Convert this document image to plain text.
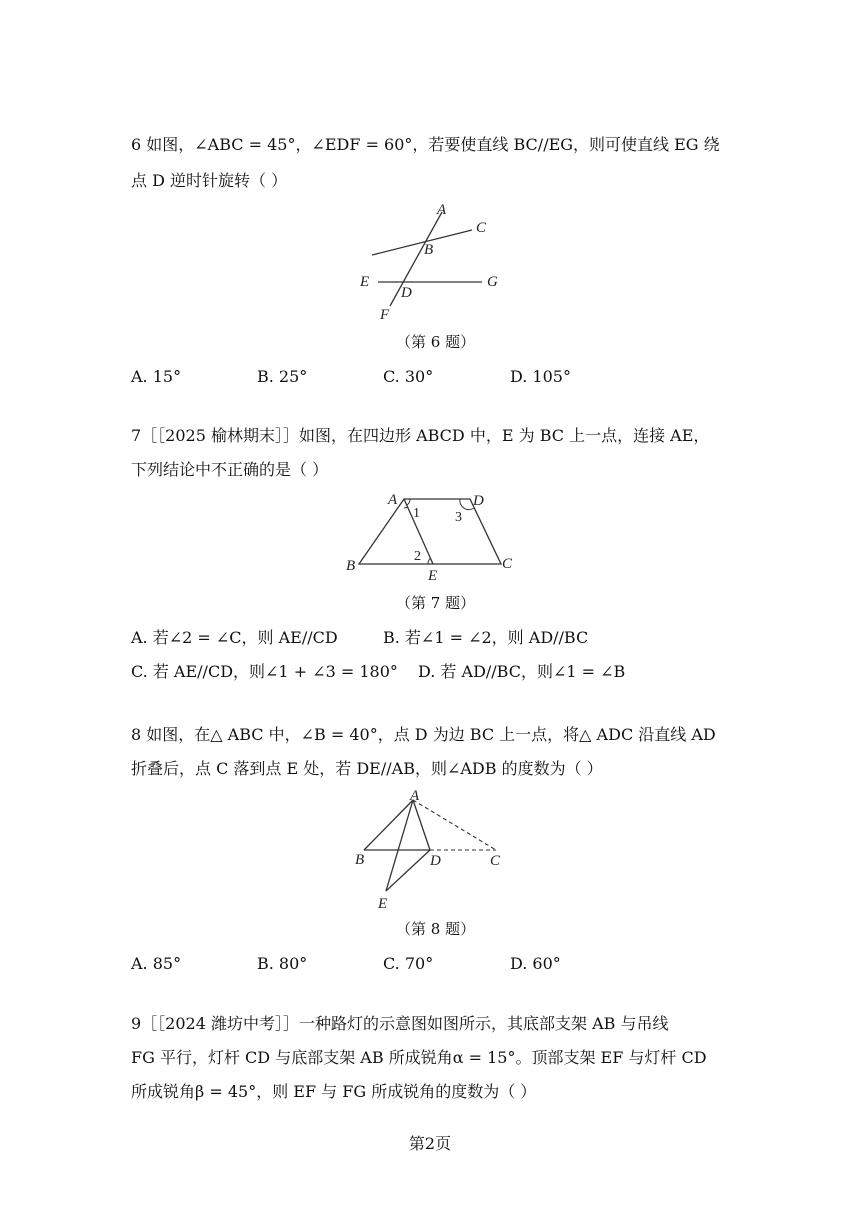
6 如图，∠ABC = 45°，∠EDF = 60°，若要使直线 BC//EG，则可使直线 EG 绕
点 D 逆时针旋转（ ）
A
C
B
E	G
D
F
（第 6 题）
A. 15°	B. 25°	C. 30°	D. 105°
7［［2025 榆林期末］］如图，在四边形 ABCD 中，E 为 BC 上一点，连接 AE，
下列结论中不正确的是（ ）
A	D
B	C
E
1	3
2
（第 7 题）
A. 若∠2 = ∠C，则 AE//CD	B. 若∠1 = ∠2，则 AD//BC
C. 若 AE//CD，则∠1 + ∠3 = 180° D. 若 AD//BC，则∠1 = ∠B
8 如图，在△ ABC 中，∠B = 40°，点 D 为边 BC 上一点，将△ ADC 沿直线 AD
折叠后，点 C 落到点 E 处，若 DE//AB，则∠ADB 的度数为（ ）
A
B	D	C
E
（第 8 题）
A. 85°	B. 80°	C. 70°	D. 60°
9［［2024 潍坊中考］］一种路灯的示意图如图所示，其底部支架 AB 与吊线
FG 平行，灯杆 CD 与底部支架 AB 所成锐角α = 15°。顶部支架 EF 与灯杆 CD
所成锐角β = 45°，则 EF 与 FG 所成锐角的度数为（ ）
第2页
